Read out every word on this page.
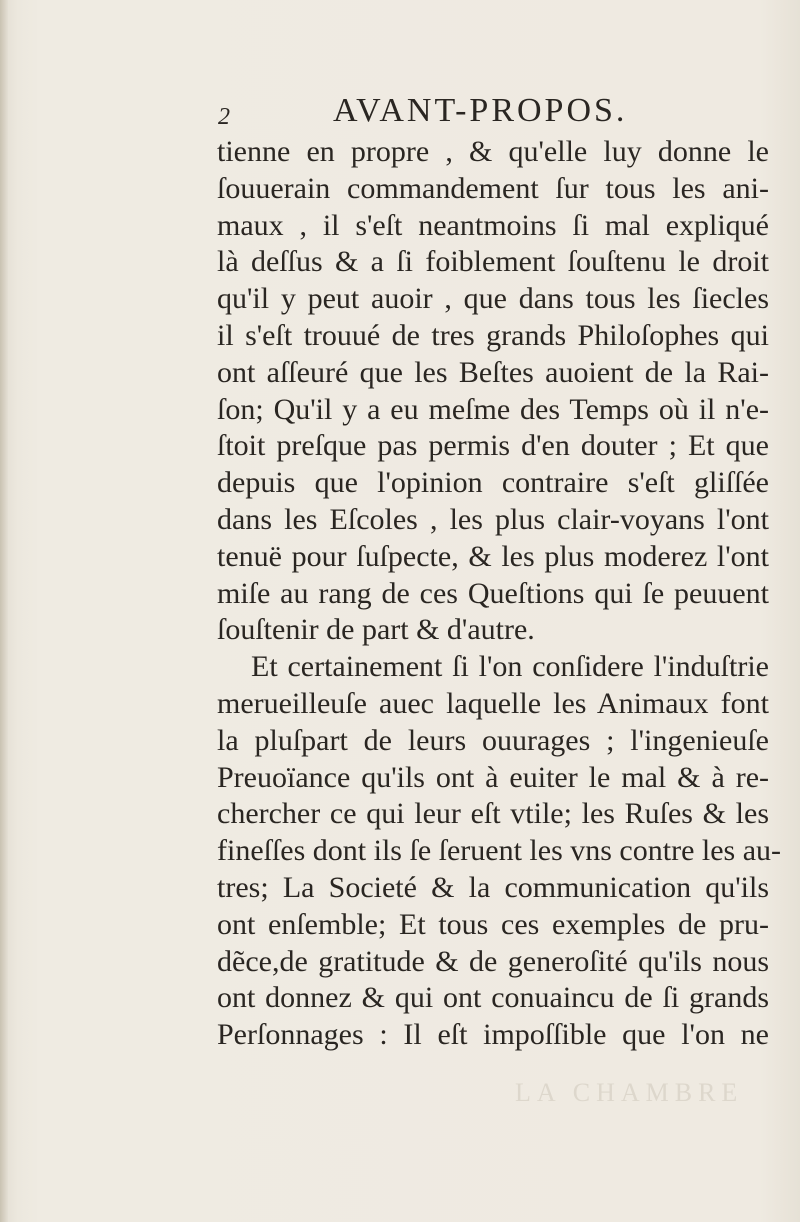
2	AVANT-PROPOS.
tienne en propre , & qu'elle luy donne le
ſouuerain commandement ſur tous les ani-
maux , il s'eſt neantmoins ſi mal expliqué
là deſſus & a ſi foiblement ſouſtenu le droit
qu'il y peut auoir , que dans tous les ſiecles
il s'eſt trouué de tres grands Philoſophes qui
ont aſſeuré que les Beſtes auoient de la Rai-
ſon; Qu'il y a eu meſme des Temps où il n'e-
ſtoit preſque pas permis d'en douter ; Et que
depuis que l'opinion contraire s'eſt gliſſée
dans les Eſcoles , les plus clair-voyans l'ont
tenuë pour ſuſpecte, & les plus moderez l'ont
miſe au rang de ces Queſtions qui ſe peuuent
ſouſtenir de part & d'autre.
Et certainement ſi l'on conſidere l'induſtrie
merueilleuſe auec laquelle les Animaux font
la pluſpart de leurs ouurages ; l'ingenieuſe
Preuoïance qu'ils ont à euiter le mal & à re-
chercher ce qui leur eſt vtile; les Ruſes & les
fineſſes dont ils ſe ſeruent les vns contre les au-
tres; La Societé & la communication qu'ils
ont enſemble; Et tous ces exemples de pru-
dẽce,de gratitude & de generoſité qu'ils nous
ont donnez & qui ont conuaincu de ſi grands
Perſonnages : Il eſt impoſſible que l'on ne
LA CHAMBRE
